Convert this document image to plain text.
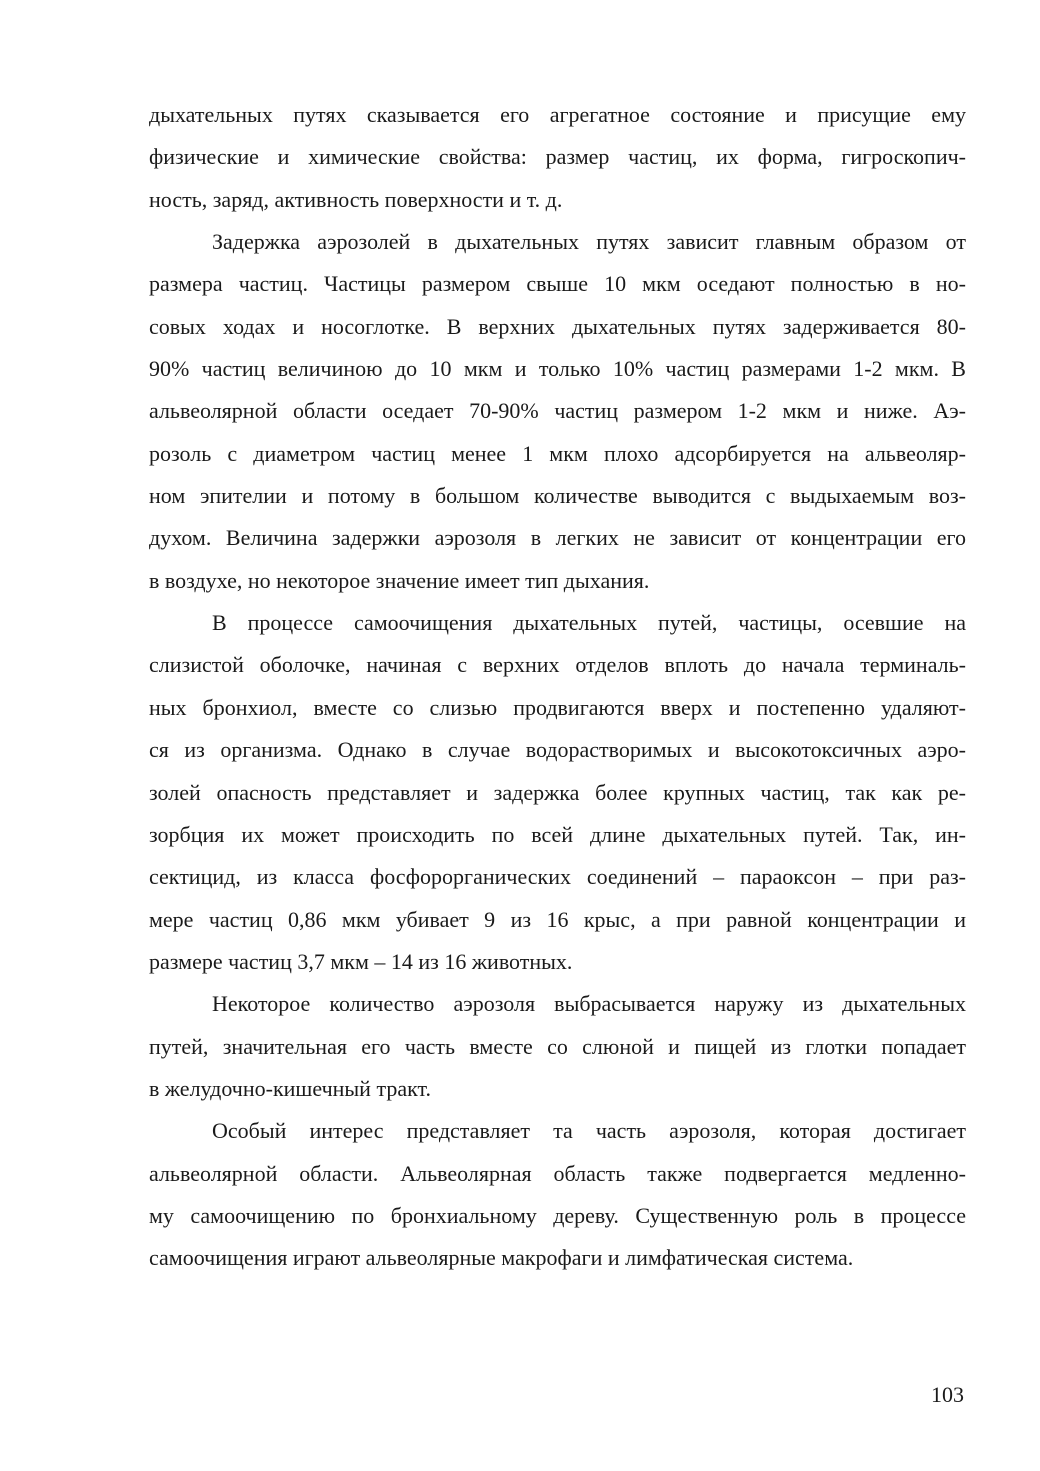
дыхательных путях сказывается его агрегатное состояние и присущие ему
физические и химические свойства: размер частиц, их форма, гигроскопич-
ность, заряд, активность поверхности и т. д.
Задержка аэрозолей в дыхательных путях зависит главным образом от
размера частиц. Частицы размером свыше 10 мкм оседают полностью в но-
совых ходах и носоглотке. В верхних дыхательных путях задерживается 80-
90% частиц величиною до 10 мкм и только 10% частиц размерами 1-2 мкм. В
альвеолярной области оседает 70-90% частиц размером 1-2 мкм и ниже. Аэ-
розоль с диаметром частиц менее 1 мкм плохо адсорбируется на альвеоляр-
ном эпителии и потому в большом количестве выводится с выдыхаемым воз-
духом. Величина задержки аэрозоля в легких не зависит от концентрации его
в воздухе, но некоторое значение имеет тип дыхания.
В процессе самоочищения дыхательных путей, частицы, осевшие на
слизистой оболочке, начиная с верхних отделов вплоть до начала терминаль-
ных бронхиол, вместе со слизью продвигаются вверх и постепенно удаляют-
ся из организма. Однако в случае водорастворимых и высокотоксичных аэро-
золей опасность представляет и задержка более крупных частиц, так как ре-
зорбция их может происходить по всей длине дыхательных путей. Так, ин-
сектицид, из класса фосфорорганических соединений – параоксон – при раз-
мере частиц 0,86 мкм убивает 9 из 16 крыс, а при равной концентрации и
размере частиц 3,7 мкм – 14 из 16 животных.
Некоторое количество аэрозоля выбрасывается наружу из дыхательных
путей, значительная его часть вместе со слюной и пищей из глотки попадает
в желудочно-кишечный тракт.
Особый интерес представляет та часть аэрозоля, которая достигает
альвеолярной области. Альвеолярная область также подвергается медленно-
му самоочищению по бронхиальному дереву. Существенную роль в процессе
самоочищения играют альвеолярные макрофаги и лимфатическая система.
103
